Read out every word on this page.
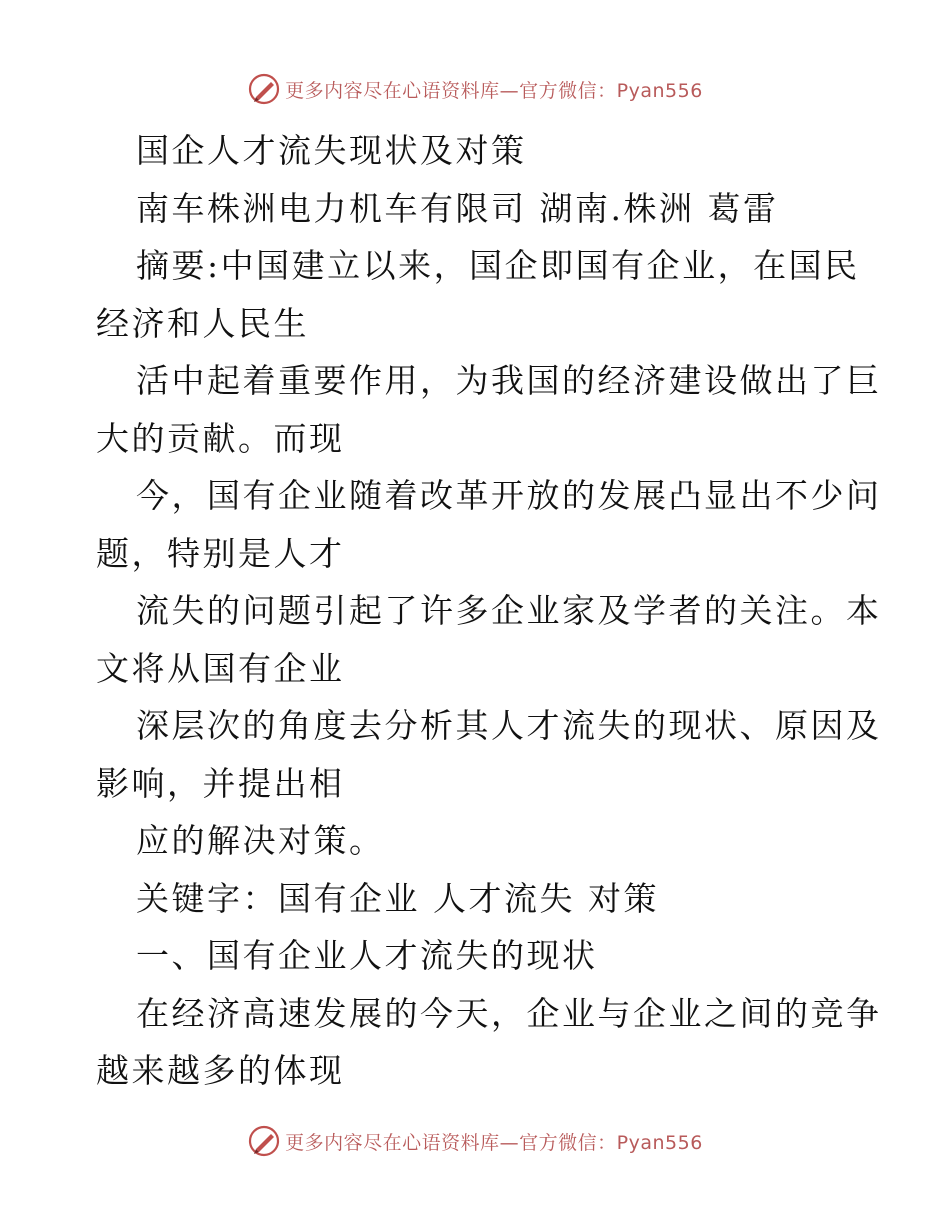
更多内容尽在心语资料库—官方微信：Pyan556
国企人才流失现状及对策
南车株洲电力机车有限司 湖南.株洲 葛雷
摘要:中国建立以来，国企即国有企业，在国民
经济和人民生
活中起着重要作用，为我国的经济建设做出了巨
大的贡献。而现
今，国有企业随着改革开放的发展凸显出不少问
题，特别是人才
流失的问题引起了许多企业家及学者的关注。本
文将从国有企业
深层次的角度去分析其人才流失的现状、原因及
影响，并提出相
应的解决对策。
关键字：国有企业 人才流失 对策
一、国有企业人才流失的现状
在经济高速发展的今天，企业与企业之间的竞争
越来越多的体现
更多内容尽在心语资料库—官方微信：Pyan556
